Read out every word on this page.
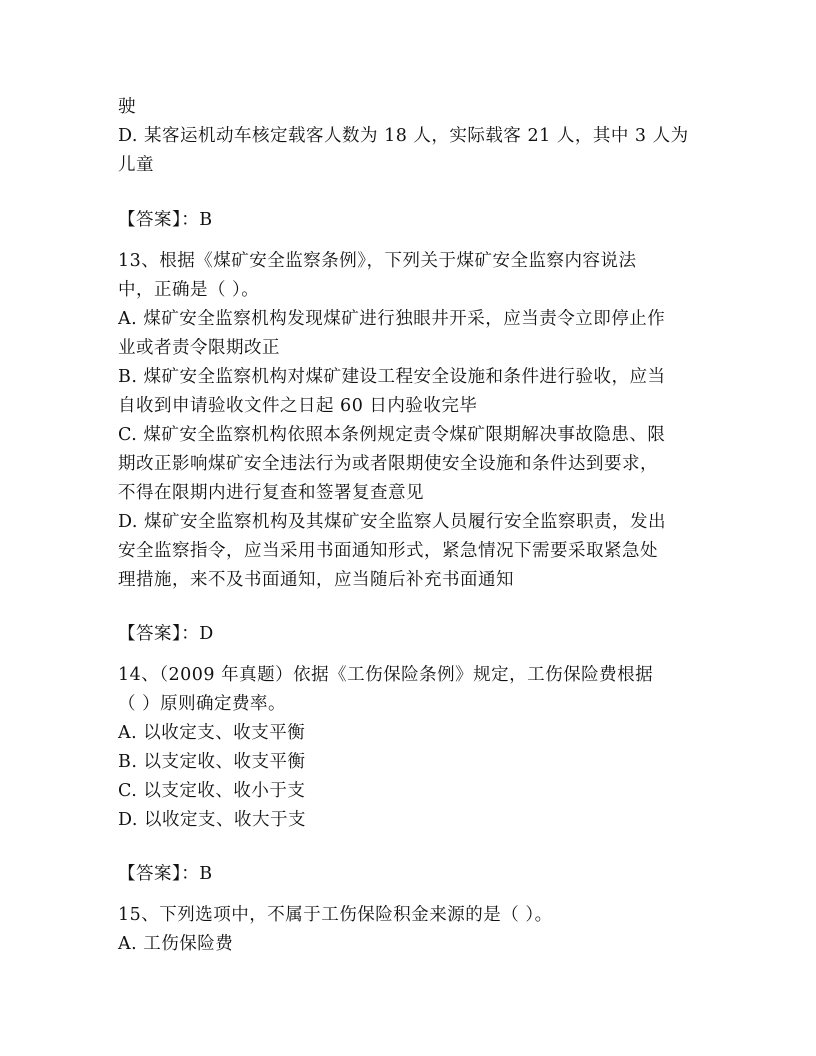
驶

D. 某客运机动车核定载客人数为 18 人，实际载客 21 人，其中 3 人为

儿童

【答案】：B

13、根据《煤矿安全监察条例》，下列关于煤矿安全监察内容说法

中，正确是（ ）。

A. 煤矿安全监察机构发现煤矿进行独眼井开采，应当责令立即停止作

业或者责令限期改正

B. 煤矿安全监察机构对煤矿建设工程安全设施和条件进行验收，应当

自收到申请验收文件之日起 60 日内验收完毕

C. 煤矿安全监察机构依照本条例规定责令煤矿限期解决事故隐患、限

期改正影响煤矿安全违法行为或者限期使安全设施和条件达到要求，

不得在限期内进行复查和签署复查意见

D. 煤矿安全监察机构及其煤矿安全监察人员履行安全监察职责，发出

安全监察指令，应当采用书面通知形式，紧急情况下需要采取紧急处

理措施，来不及书面通知，应当随后补充书面通知

【答案】：D

14、（2009 年真题）依据《工伤保险条例》规定，工伤保险费根据

（ ）原则确定费率。

A. 以收定支、收支平衡

B. 以支定收、收支平衡

C. 以支定收、收小于支

D. 以收定支、收大于支

【答案】：B

15、下列选项中，不属于工伤保险积金来源的是（ ）。

A. 工伤保险费
